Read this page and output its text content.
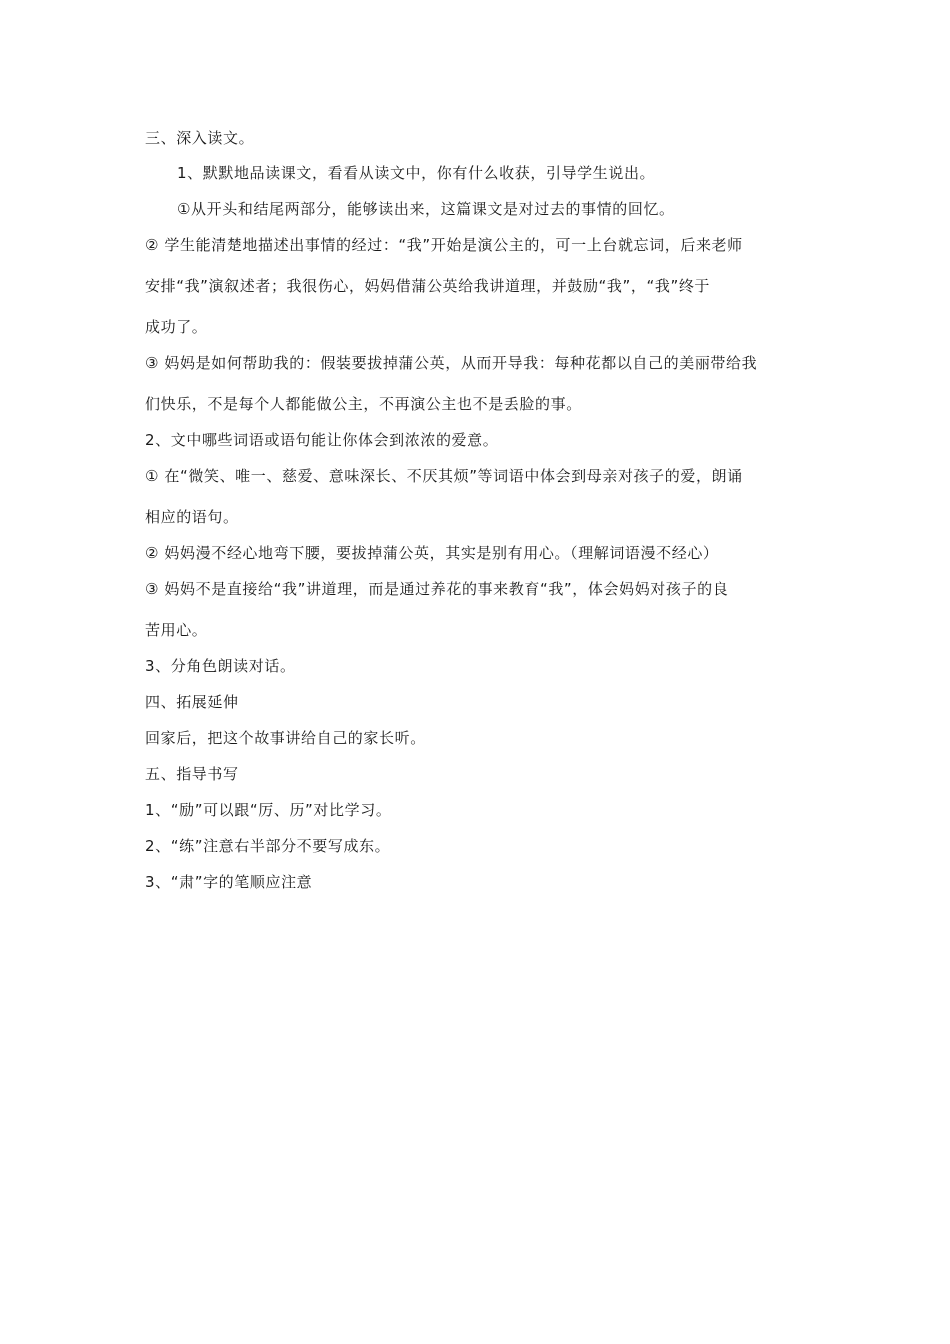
三、深入读文。
1、默默地品读课文，看看从读文中，你有什么收获，引导学生说出。
①从开头和结尾两部分，能够读出来，这篇课文是对过去的事情的回忆。
② 学生能清楚地描述出事情的经过：“我”开始是演公主的，可一上台就忘词，后来老师
安排“我”演叙述者；我很伤心，妈妈借蒲公英给我讲道理，并鼓励“我”，“我”终于
成功了。
③ 妈妈是如何帮助我的：假装要拔掉蒲公英，从而开导我：每种花都以自己的美丽带给我
们快乐，不是每个人都能做公主，不再演公主也不是丢脸的事。
2、文中哪些词语或语句能让你体会到浓浓的爱意。
① 在“微笑、唯一、慈爱、意味深长、不厌其烦”等词语中体会到母亲对孩子的爱，朗诵
相应的语句。
② 妈妈漫不经心地弯下腰，要拔掉蒲公英，其实是别有用心。（理解词语漫不经心）
③ 妈妈不是直接给“我”讲道理，而是通过养花的事来教育“我”，体会妈妈对孩子的良
苦用心。
3、分角色朗读对话。
四、拓展延伸
回家后，把这个故事讲给自己的家长听。
五、指导书写
1、“励”可以跟“厉、历”对比学习。
2、“练”注意右半部分不要写成东。
3、“肃”字的笔顺应注意
